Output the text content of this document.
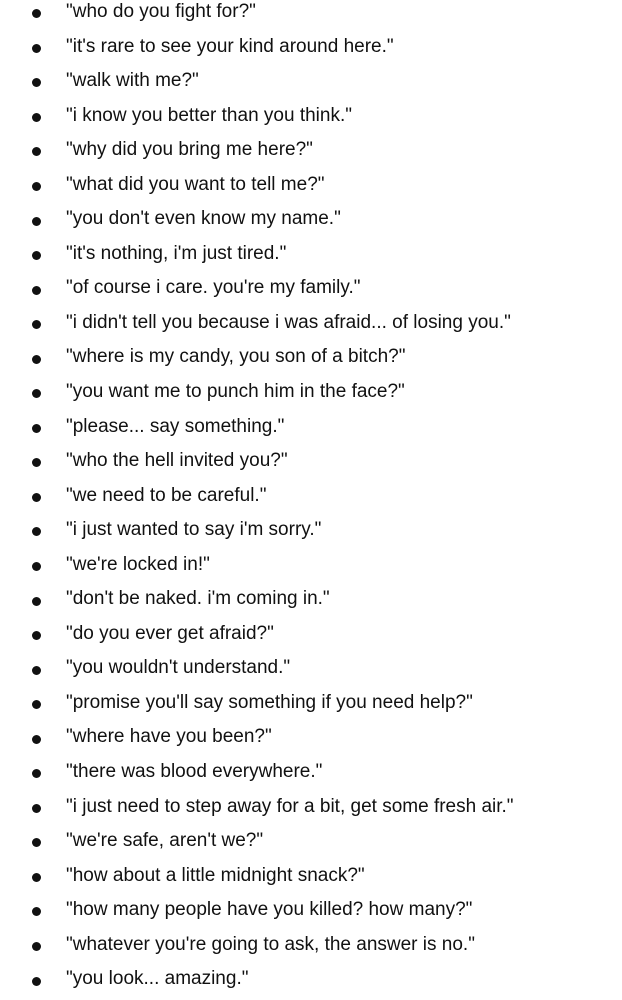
"who do you fight for?"
"it's rare to see your kind around here."
"walk with me?"
"i know you better than you think."
"why did you bring me here?"
"what did you want to tell me?"
"you don't even know my name."
"it's nothing, i'm just tired."
"of course i care. you're my family."
"i didn't tell you because i was afraid... of losing you."
"where is my candy, you son of a bitch?"
"you want me to punch him in the face?"
"please... say something."
"who the hell invited you?"
"we need to be careful."
"i just wanted to say i'm sorry."
"we're locked in!"
"don't be naked. i'm coming in."
"do you ever get afraid?"
"you wouldn't understand."
"promise you'll say something if you need help?"
"where have you been?"
"there was blood everywhere."
"i just need to step away for a bit, get some fresh air."
"we're safe, aren't we?"
"how about a little midnight snack?"
"how many people have you killed? how many?"
"whatever you're going to ask, the answer is no."
"you look... amazing."
